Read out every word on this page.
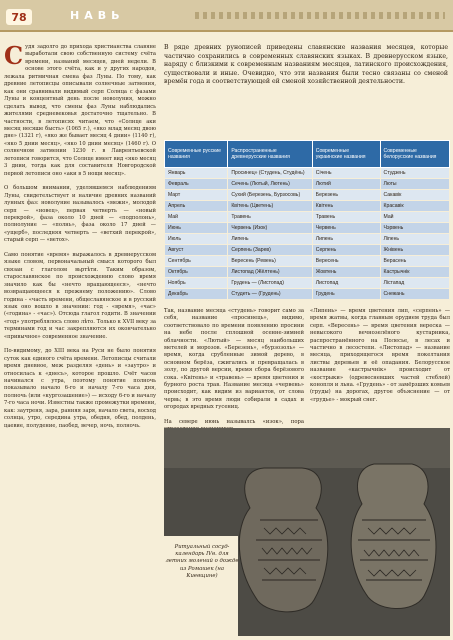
78	НАВЬ

Судя задолго до прихода христианства славяне выработали свою собственную систему счёта времени, названий месяцев, дней недели. В основе этого счёта, как и у других народов, лежала ритмичная смена фаз Луны. По тому, как древние летописцы описывали солнечные затмения, как они сравнивали видимый серп Солнца с фазами Луны и концентный день после новолуния, можно сделать вывод, что смены фаз Луны наблюдались жителями средневековья достаточно тщательно. В частности, в летописях читаем, что «Солнце аки месяц несяше бысть» (1065 г.), «яко млад месяц двою днe» (1321 г), «яко же бывает месяц 4 днии» (1140 г), «яко 5 днии месяц», «яко 10 днии месяц» (1460 г). О солнечном затмении 1230 г. в Лаврентьевской летописи говорится, что Солнце имеет вид «яко месяц 3 днии, тогда как для составителя Новгородской первой летописи оно «аки в 5 нощи месяц».

О большом внимании, уделявшемся наблюдениям Луны, свидетельствует и наличие древних названий лунных фаз: новолуние называлось «межи», молодой серп — «новец», первая четверть — «новый перекрой», фаза около 10 дней — «подполонь», полнолуние — «полнь», фаза около 17 дней — «ущерб», последняя четверть — «ветхий перекрой», старый серп — «ветох».

Само понятие «время» выражалось в древнерусском языке словом, первоначальный смысл которого был связан с глаголом вьртѣти. Таким образом, старославянское по происхождению слово время значило как бы «нечто вращающееся», «нечто возвращающееся к прежнему положению». Слово година - «часть времени, общеславянское и в русский язык оно вошло в значении: год - «время», «час» («година» - «час»). Отсюда глагол годити. В значении «год» употреблялось слово лѣто. Только к XVII веку за терминами год и час закрепляются их окончательно «привычное» современное значение.

По-видимому, до XIII века на Руси не было понятия суток как единого счёта времени. Летописцы считали время дневное, меж разделяя «день» и «заутро» и относилась к «днесь», которое прошло. Счёт часов начинался с утра, поэтому понятие полночь показывало начало 6-го и началу 7-го часа дня, полночь (или «кургозашение») — исходу 6-го и началу 7-го часа ночи. Известны также промежутки времени, как: заутреня, зара, ранняя заря, начало света, восход солнца, утро, середина утра, обедня, обед, полдень, цаевие, полудение, паобед, вечер, ночь, полночь.

В ряде древних рунописей приведены славянские названия месяцев, которые частично сохранились в современных славянских языках. В древнерусском языке, наряду с близкими к современным названиям месяцев, латинского происхождения, существовали и иные. Очевидно, что эти названия были тесно связаны со сменой времён года и соответствующей ей сменой хозяйственной деятельности.
Современные русские названия	Распространенные древнерусские названия	Современные украинские названия	Современные белорусские названия
Январь	Просинец» (Студень, Студёнь)	Січень	Студзень
Февраль	Сечень (Лютый, Лютень)	Лютий	Люты
Март	Сухий (Березень, Бурзосовь)	Березень	Сакавік
Апрель	Квітень (Цветень)	Квітень	Красавік
Май	Травень	Травень	Май
Июнь	Червень (Изок)	Червень	Чэрвень
Июль	Липень	Липень	Ліпень
Август	Серпень (Зарев)	Серпень	Жнівень
Сентябрь	Вересень (Ревень)	Вересень	Верасень
Октябрь	Листопад (Жёлтень)	Жовтень	Кастрычнік
Ноябрь	Грудень — (Листопад)	Листопад	Лістапад
Декабрь	Студеть — (Грудень)	Грудень	Снежань

Так, название месяца «студень» говорит само за себя, название «просинець», видимо, соответствовало по времени появлению просини на небе после сплошной осенне-зимней облачности. «Лютый» — месяц наибольших метелей и морозов. «Березень», «бурзозоль» — время, когда срубленные зимой дерево, в основном берёза, сжигались и превращалась в золу, по другой версии, время сбора берёзового сока. «Квітень» и «травень» — время цветения и бурного роста трав. Название месяца «червень» происходит, как видим из вариантов, от слова червь; в это время люди собирали в садах и огородах вредных гусениц.

На севере июнь называлсь «изок», пора

«Липень» — время цветения лип, «серпень» — время жатвы, когда главным орудием труда был серп. «Вересень» — время цветения вереска — невысокого вечнозелёного кустарника, распространённого на Полесье, в лесах и частично в лесостепи. «Листопад» — название месяца, приходящегося время покелтания листвы деревьев и её опадания. Белорусское название «кастрычнік» происходит от «кострыки» (одревесневших частей стеблей) конопля и льна. «Грудень» - от замёрзших комьев (груды) на дорогах, другое объяснение — от «грудье» - мокрый снег.
Ритуальный сосуд-календарь IVв. для летних молений о дожде из Ромашек (на Киевщине)
